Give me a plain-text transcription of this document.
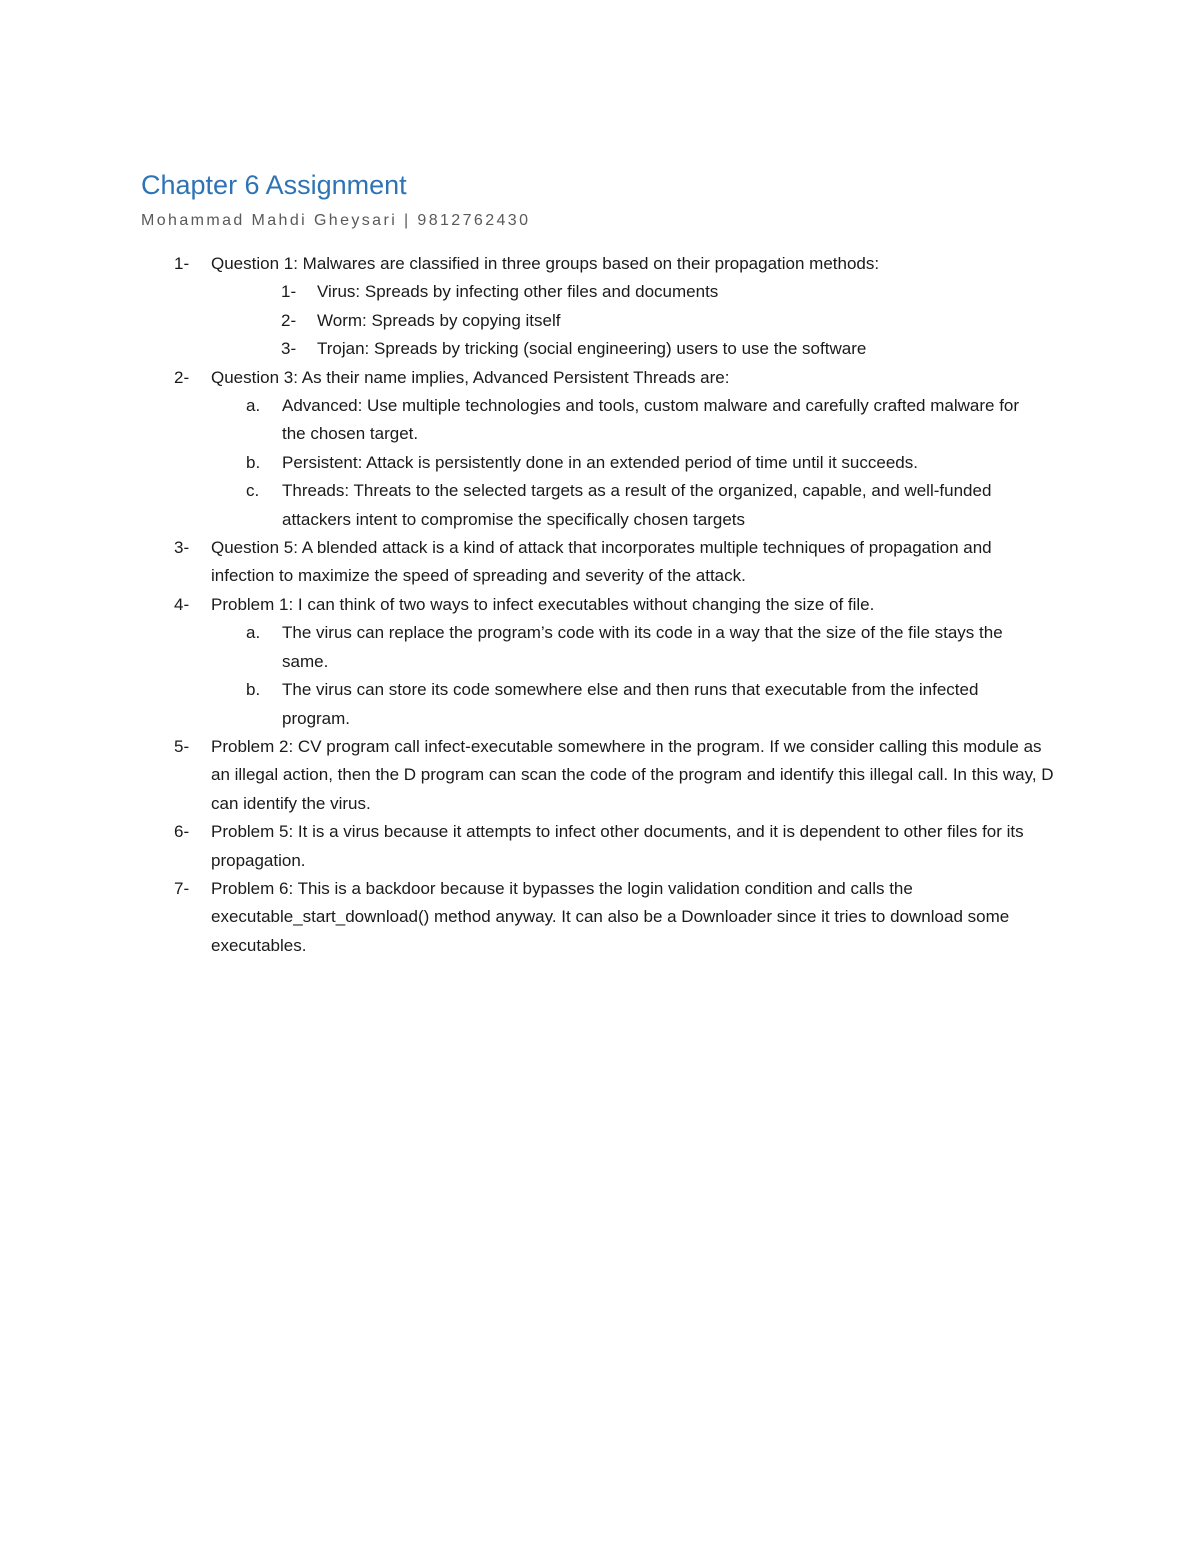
Chapter 6 Assignment
Mohammad Mahdi Gheysari | 9812762430
1-	Question 1: Malwares are classified in three groups based on their propagation methods:
1-	Virus: Spreads by infecting other files and documents
2-	Worm: Spreads by copying itself
3-	Trojan: Spreads by tricking (social engineering) users to use the software
2-	Question 3: As their name implies, Advanced Persistent Threads are:
a.	Advanced: Use multiple technologies and tools, custom malware and carefully crafted malware for the chosen target.
b.	Persistent: Attack is persistently done in an extended period of time until it succeeds.
c.	Threads: Threats to the selected targets as a result of the organized, capable, and well-funded attackers intent to compromise the specifically chosen targets
3-	Question 5: A blended attack is a kind of attack that incorporates multiple techniques of propagation and infection to maximize the speed of spreading and severity of the attack.
4-	Problem 1: I can think of two ways to infect executables without changing the size of file.
a.	The virus can replace the program’s code with its code in a way that the size of the file stays the same.
b.	The virus can store its code somewhere else and then runs that executable from the infected program.
5-	Problem 2: CV program call infect-executable somewhere in the program. If we consider calling this module as an illegal action, then the D program can scan the code of the program and identify this illegal call. In this way, D can identify the virus.
6-	Problem 5: It is a virus because it attempts to infect other documents, and it is dependent to other files for its propagation.
7-	Problem 6: This is a backdoor because it bypasses the login validation condition and calls the executable_start_download() method anyway. It can also be a Downloader since it tries to download some executables.
